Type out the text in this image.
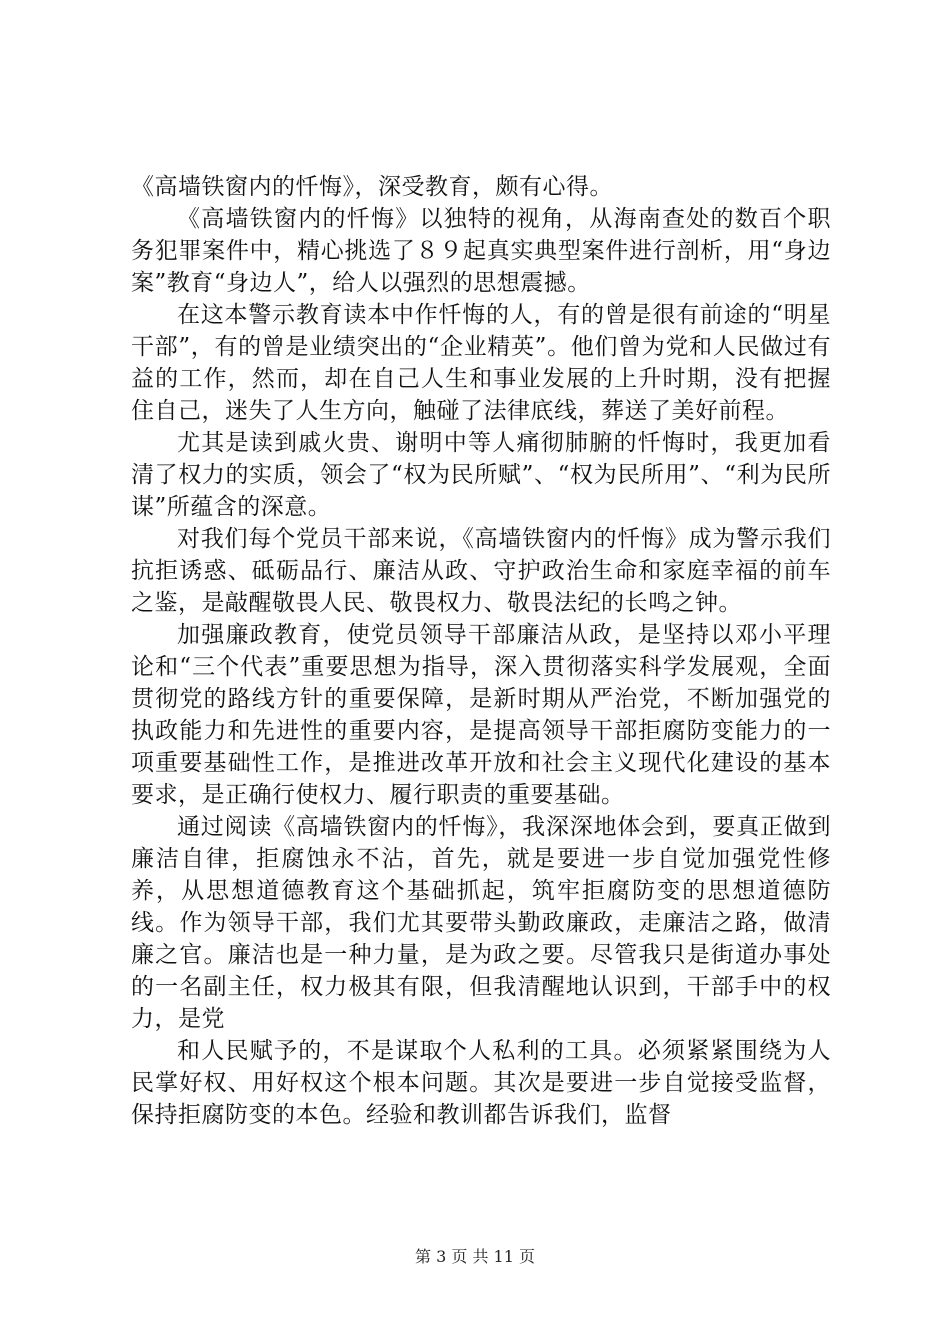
《高墙铁窗内的忏悔》，深受教育，颇有心得。

《高墙铁窗内的忏悔》以独特的视角，从海南查处的数百个职务犯罪案件中，精心挑选了８９起真实典型案件进行剖析，用“身边案”教育“身边人”，给人以强烈的思想震撼。

在这本警示教育读本中作忏悔的人，有的曾是很有前途的“明星干部”，有的曾是业绩突出的“企业精英”。他们曾为党和人民做过有益的工作，然而，却在自己人生和事业发展的上升时期，没有把握住自己，迷失了人生方向，触碰了法律底线，葬送了美好前程。

尤其是读到戚火贵、谢明中等人痛彻肺腑的忏悔时，我更加看清了权力的实质，领会了“权为民所赋”、“权为民所用”、“利为民所谋”所蕴含的深意。

对我们每个党员干部来说，《高墙铁窗内的忏悔》成为警示我们抗拒诱惑、砥砺品行、廉洁从政、守护政治生命和家庭幸福的前车之鉴，是敲醒敬畏人民、敬畏权力、敬畏法纪的长鸣之钟。

加强廉政教育，使党员领导干部廉洁从政，是坚持以邓小平理论和“三个代表”重要思想为指导，深入贯彻落实科学发展观，全面贯彻党的路线方针的重要保障，是新时期从严治党，不断加强党的执政能力和先进性的重要内容，是提高领导干部拒腐防变能力的一项重要基础性工作，是推进改革开放和社会主义现代化建设的基本要求，是正确行使权力、履行职责的重要基础。

通过阅读《高墙铁窗内的忏悔》，我深深地体会到，要真正做到廉洁自律，拒腐蚀永不沾，首先，就是要进一步自觉加强党性修养，从思想道德教育这个基础抓起，筑牢拒腐防变的思想道德防线。作为领导干部，我们尤其要带头勤政廉政，走廉洁之路，做清廉之官。廉洁也是一种力量，是为政之要。尽管我只是街道办事处的一名副主任，权力极其有限，但我清醒地认识到，干部手中的权力，是党

和人民赋予的，不是谋取个人私利的工具。必须紧紧围绕为人民掌好权、用好权这个根本问题。其次是要进一步自觉接受监督，保持拒腐防变的本色。经验和教训都告诉我们，监督

第 3 页 共 11 页
